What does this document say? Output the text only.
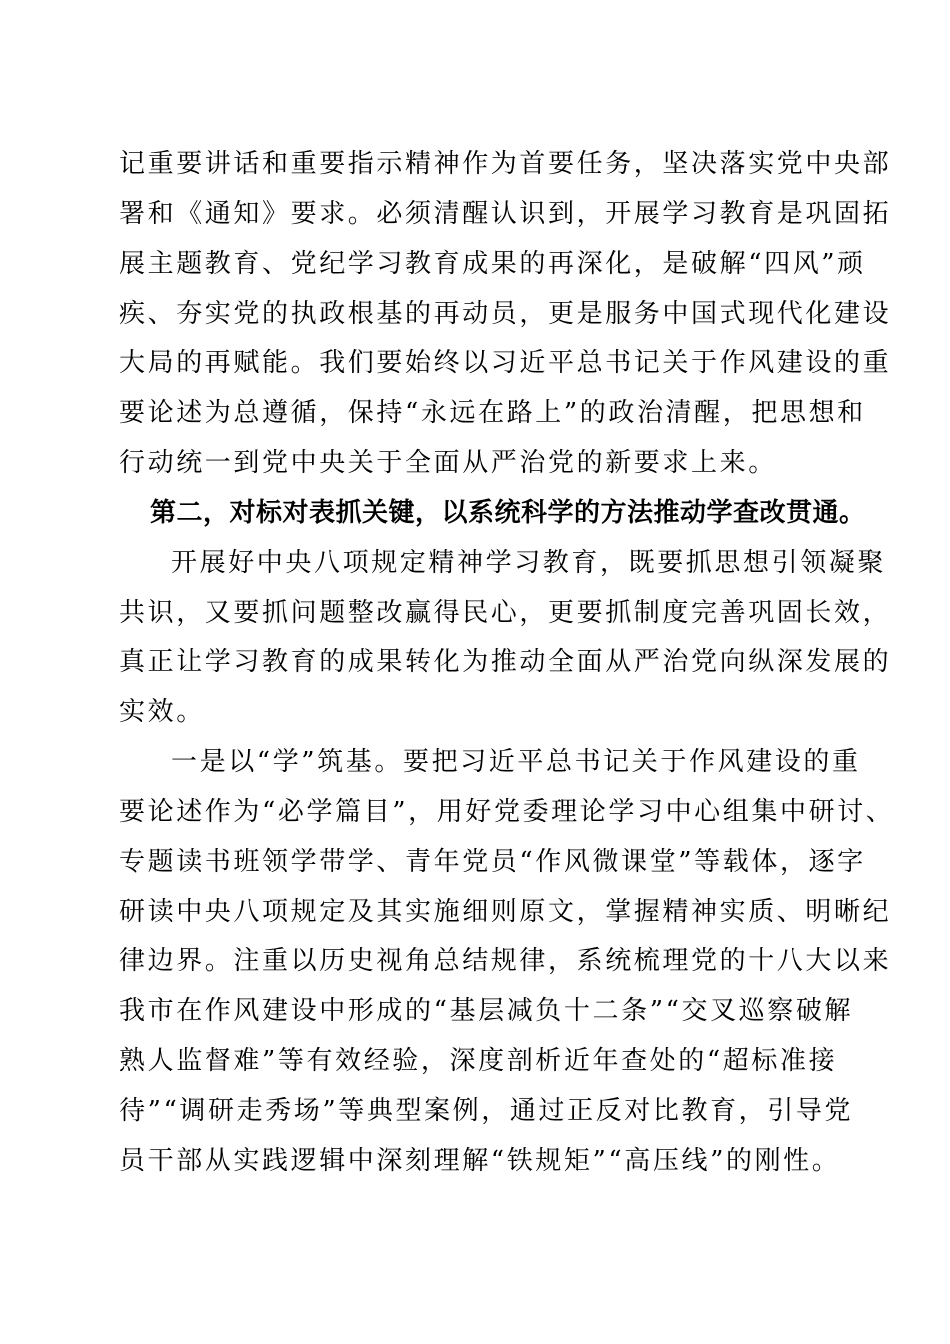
记重要讲话和重要指示精神作为首要任务，坚决落实党中央部
署和《通知》要求。必须清醒认识到，开展学习教育是巩固拓
展主题教育、党纪学习教育成果的再深化，是破解“四风”顽
疾、夯实党的执政根基的再动员，更是服务中国式现代化建设
大局的再赋能。我们要始终以习近平总书记关于作风建设的重
要论述为总遵循，保持“永远在路上”的政治清醒，把思想和
行动统一到党中央关于全面从严治党的新要求上来。
第二，对标对表抓关键，以系统科学的方法推动学查改贯通。
开展好中央八项规定精神学习教育，既要抓思想引领凝聚
共识，又要抓问题整改赢得民心，更要抓制度完善巩固长效，
真正让学习教育的成果转化为推动全面从严治党向纵深发展的
实效。
一是以“学”筑基。要把习近平总书记关于作风建设的重
要论述作为“必学篇目”，用好党委理论学习中心组集中研讨、
专题读书班领学带学、青年党员“作风微课堂”等载体，逐字
研读中央八项规定及其实施细则原文，掌握精神实质、明晰纪
律边界。注重以历史视角总结规律，系统梳理党的十八大以来
我市在作风建设中形成的“基层减负十二条”“交叉巡察破解
熟人监督难”等有效经验，深度剖析近年查处的“超标准接
待”“调研走秀场”等典型案例，通过正反对比教育，引导党
员干部从实践逻辑中深刻理解“铁规矩”“高压线”的刚性。
